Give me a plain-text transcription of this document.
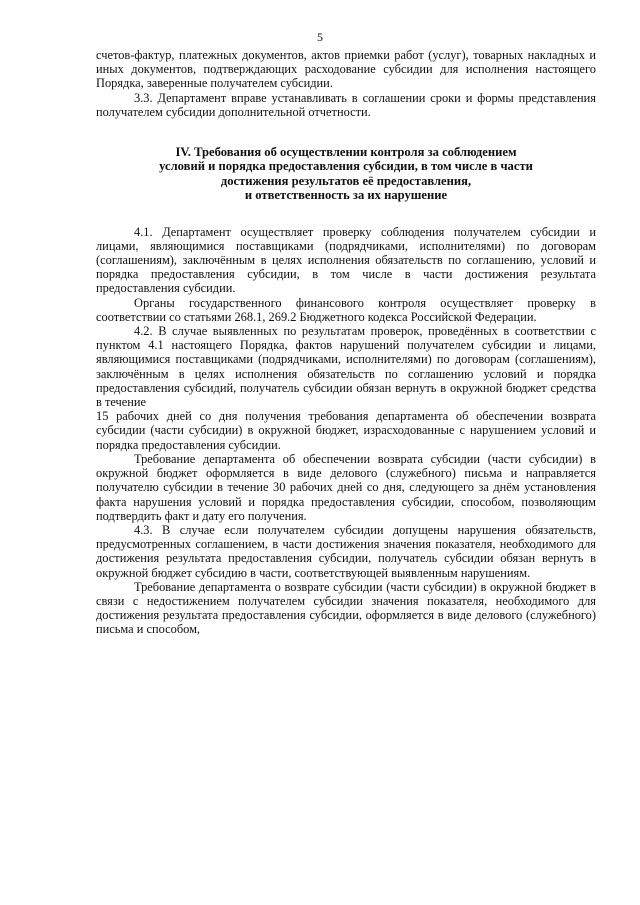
5

счетов-фактур, платежных документов, актов приемки работ (услуг), товарных накладных и иных документов, подтверждающих расходование субсидии для исполнения настоящего Порядка, заверенные получателем субсидии.

3.3. Департамент вправе устанавливать в соглашении сроки и формы представления получателем субсидии дополнительной отчетности.

IV. Требования об осуществлении контроля за соблюдением
условий и порядка предоставления субсидии, в том числе в части
достижения результатов её предоставления,
и ответственность за их нарушение

4.1. Департамент осуществляет проверку соблюдения получателем субсидии и лицами, являющимися поставщиками (подрядчиками, исполнителями) по договорам (соглашениям), заключённым в целях исполнения обязательств по соглашению, условий и порядка предоставления субсидии, в том числе в части достижения результата предоставления субсидии.

Органы государственного финансового контроля осуществляет проверку в соответствии со статьями 268.1, 269.2 Бюджетного кодекса Российской Федерации.

4.2. В случае выявленных по результатам проверок, проведённых в соответствии с пунктом 4.1 настоящего Порядка, фактов нарушений получателем субсидии и лицами, являющимися поставщиками (подрядчиками, исполнителями) по договорам (соглашениям), заключённым в целях исполнения обязательств по соглашению условий и порядка предоставления субсидий, получатель субсидии обязан вернуть в окружной бюджет средства в течение

15 рабочих дней со дня получения требования департамента об обеспечении возврата субсидии (части субсидии) в окружной бюджет, израсходованные с нарушением условий и порядка предоставления субсидии.

Требование департамента об обеспечении возврата субсидии (части субсидии) в окружной бюджет оформляется в виде делового (служебного) письма и направляется получателю субсидии в течение 30 рабочих дней со дня, следующего за днём установления факта нарушения условий и порядка предоставления субсидии, способом, позволяющим подтвердить факт и дату его получения.

4.3. В случае если получателем субсидии допущены нарушения обязательств, предусмотренных соглашением, в части достижения значения показателя, необходимого для достижения результата предоставления субсидии, получатель субсидии обязан вернуть в окружной бюджет субсидию в части, соответствующей выявленным нарушениям.

Требование департамента о возврате субсидии (части субсидии) в окружной бюджет в связи с недостижением получателем субсидии значения показателя, необходимого для достижения результата предоставления субсидии, оформляется в виде делового (служебного) письма и способом,
